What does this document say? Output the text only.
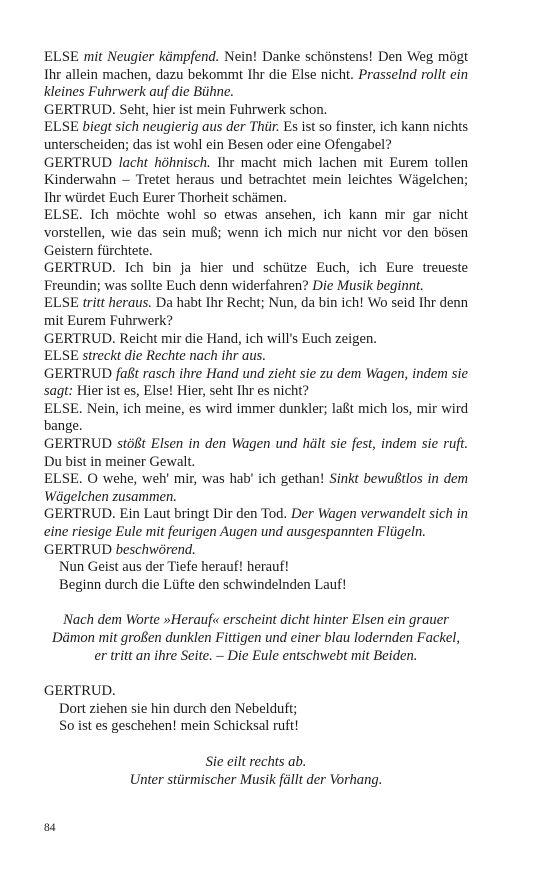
ELSE mit Neugier kämpfend. Nein! Danke schönstens! Den Weg mögt Ihr allein machen, dazu bekommt Ihr die Else nicht. Prasselnd rollt ein kleines Fuhrwerk auf die Bühne.
GERTRUD. Seht, hier ist mein Fuhrwerk schon.
ELSE biegt sich neugierig aus der Thür. Es ist so finster, ich kann nichts unterscheiden; das ist wohl ein Besen oder eine Ofengabel?
GERTRUD lacht höhnisch. Ihr macht mich lachen mit Eurem tollen Kinderwahn – Tretet heraus und betrachtet mein leichtes Wägelchen; Ihr würdet Euch Eurer Thorheit schämen.
ELSE. Ich möchte wohl so etwas ansehen, ich kann mir gar nicht vorstellen, wie das sein muß; wenn ich mich nur nicht vor den bösen Geistern fürchtete.
GERTRUD. Ich bin ja hier und schütze Euch, ich Eure treueste Freundin; was sollte Euch denn widerfahren? Die Musik beginnt.
ELSE tritt heraus. Da habt Ihr Recht; Nun, da bin ich! Wo seid Ihr denn mit Eurem Fuhrwerk?
GERTRUD. Reicht mir die Hand, ich will's Euch zeigen.
ELSE streckt die Rechte nach ihr aus.
GERTRUD faßt rasch ihre Hand und zieht sie zu dem Wagen, indem sie sagt: Hier ist es, Else! Hier, seht Ihr es nicht?
ELSE. Nein, ich meine, es wird immer dunkler; laßt mich los, mir wird bange.
GERTRUD stößt Elsen in den Wagen und hält sie fest, indem sie ruft. Du bist in meiner Gewalt.
ELSE. O wehe, weh' mir, was hab' ich gethan! Sinkt bewußtlos in dem Wägelchen zusammen.
GERTRUD. Ein Laut bringt Dir den Tod. Der Wagen verwandelt sich in eine riesige Eule mit feurigen Augen und ausgespannten Flügeln.
GERTRUD beschwörend.
Nun Geist aus der Tiefe herauf! herauf!
Beginn durch die Lüfte den schwindelnden Lauf!
Nach dem Worte »Herauf« erscheint dicht hinter Elsen ein grauer
Dämon mit großen dunklen Fittigen und einer blau lodernden Fackel,
er tritt an ihre Seite. – Die Eule entschwebt mit Beiden.
GERTRUD.
Dort ziehen sie hin durch den Nebelduft;
So ist es geschehen! mein Schicksal ruft!
Sie eilt rechts ab.
Unter stürmischer Musik fällt der Vorhang.
84
